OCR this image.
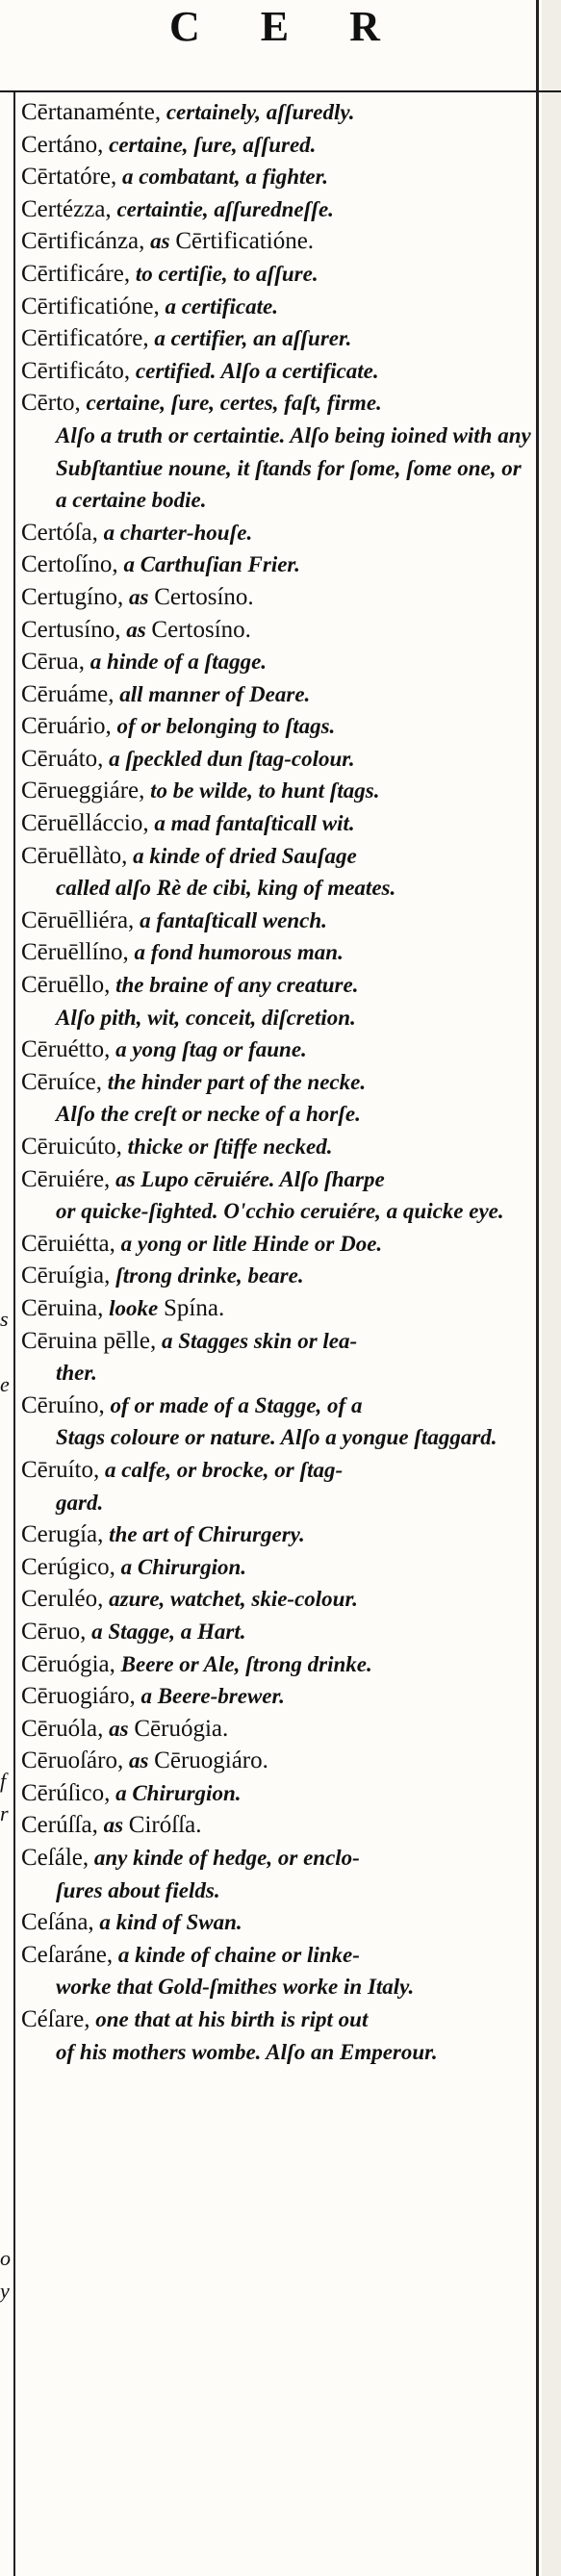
C E R
s
e
f
r
o
y
Cērtanaménte, certainely, aſſuredly.
Certáno, certaine, ſure, aſſured.
Cērtatóre, a combatant, a fighter.
Certézza, certaintie, aſſuredneſſe.
Cērtificánza, as Cērtificatióne.
Cērtificáre, to certiſie, to aſſure.
Cērtificatióne, a certificate.
Cērtificatóre, a certifier, an aſſurer.
Cērtificáto, certified. Alſo a certificate.
Cērto, certaine, ſure, certes, faſt, firme.
Alſo a truth or certaintie. Alſo being ioined with any Subſtantiue noune, it ſtands for ſome, ſome one, or a certaine bodie.
Certóſa, a charter-houſe.
Certoſíno, a Carthuſian Frier.
Certugíno, as Certosíno.
Certusíno, as Certosíno.
Cēruа, a hinde of a ſtagge.
Cēruáme, all manner of Deare.
Cēruário, of or belonging to ſtags.
Cēruáto, a ſpeckled dun ſtag-colour.
Cērueggiáre, to be wilde, to hunt ſtags.
Cēruēllácciо, a mad fantaſticall wit.
Cēruēllàto, a kinde of dried Sauſage
called alſo Rè de cibi, king of meates.
Cēruēlliéra, a fantaſticall wench.
Cēruēllíno, a fond humorous man.
Cēruēllo, the braine of any creature.
Alſo pith, wit, conceit, diſcretion.
Cēruétto, a yong ſtag or faune.
Cēruíce, the hinder part of the necke.
Alſo the creſt or necke of a horſe.
Cēruicúto, thicke or ſtiffe necked.
Cēruiére, as Lupo cēruiére. Alſo ſharpe
or quicke-ſighted. O'cchio ceruiére, a quicke eye.
Cēruiétta, a yong or litle Hinde or Doe.
Cēruígia, ſtrong drinke, beare.
Cēruina, looke Spína.
Cēruina pēlle, a Stagges skin or lea-
ther.
Cēruíno, of or made of a Stagge, of a
Stags coloure or nature. Alſo a yongue ſtaggard.
Cēruíto, a calfe, or brocke, or ſtag-
gard.
Cerugía, the art of Chirurgery.
Cerúgico, a Chirurgion.
Ceruléo, azure, watchet, skie-colour.
Cēruo, a Stagge, a Hart.
Cēruógia, Beere or Ale, ſtrong drinke.
Cēruogiáro, a Beere-brewer.
Cēruóla, as Cēruógia.
Cēruoſáro, as Cēruogiáro.
Cērúſico, a Chirurgion.
Cerúſſa, as Ciróſſa.
Ceſále, any kinde of hedge, or enclo-
ſures about fields.
Ceſána, a kind of Swan.
Ceſaráne, a kinde of chaine or linke-
worke that Gold-ſmithes worke in Italy.
Céſare, one that at his birth is ript out
of his mothers wombe. Alſo an Emperour.
